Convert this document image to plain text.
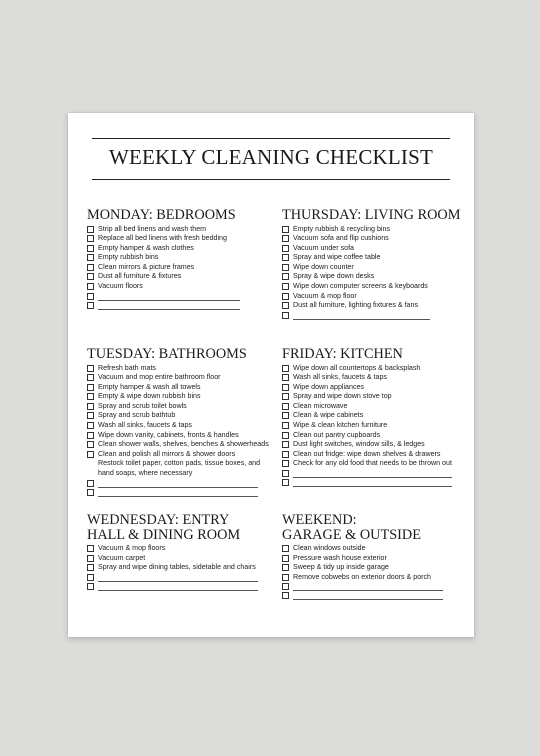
WEEKLY CLEANING CHECKLIST
MONDAY: BEDROOMS
Strip all bed linens and wash them
Replace all bed linens with fresh bedding
Empty hamper & wash clothes
Empty rubbish bins
Clean mirrors & picture frames
Dust all furniture & fixtures
Vacuum floors
THURSDAY: LIVING ROOM
Empty rubbish & recycling bins
Vacuum sofa and flip cushions
Vacuum under sofa
Spray and wipe coffee table
Wipe down counter
Spray & wipe down desks
Wipe down computer screens & keyboards
Vacuum & mop floor
Dust all furniture, lighting fixtures & fans
TUESDAY: BATHROOMS
Refresh bath mats
Vacuum and mop entire bathroom floor
Empty hamper & wash all towels
Empty & wipe down rubbish bins
Spray and scrub toilet bowls
Spray and scrub bathtub
Wash all sinks, faucets & taps
Wipe down vanity, cabinets, fronts & handles
Clean shower walls, shelves, benches & showerheads
Clean and polish all mirrors & shower doors
Restock toilet paper, cotton pads, tissue boxes, and
hand soaps, where necessary
FRIDAY: KITCHEN
Wipe down all countertops & backsplash
Wash all sinks, faucets & taps
Wipe down appliances
Spray and wipe down stove top
Clean microwave
Clean & wipe cabinets
Wipe & clean kitchen furniture
Clean out pantry cupboards
Dust light switches, window sills, & ledges
Clean out fridge: wipe down shelves & drawers
Check for any old food that needs to be thrown out
WEDNESDAY: ENTRY
HALL & DINING ROOM
Vacuum & mop floors
Vacuum carpet
Spray and wipe dining tables, sidetable and chairs
WEEKEND:
GARAGE & OUTSIDE
Clean windows outside
Pressure wash house exterior
Sweep & tidy up inside garage
Remove cobwebs on exterior doors & porch
